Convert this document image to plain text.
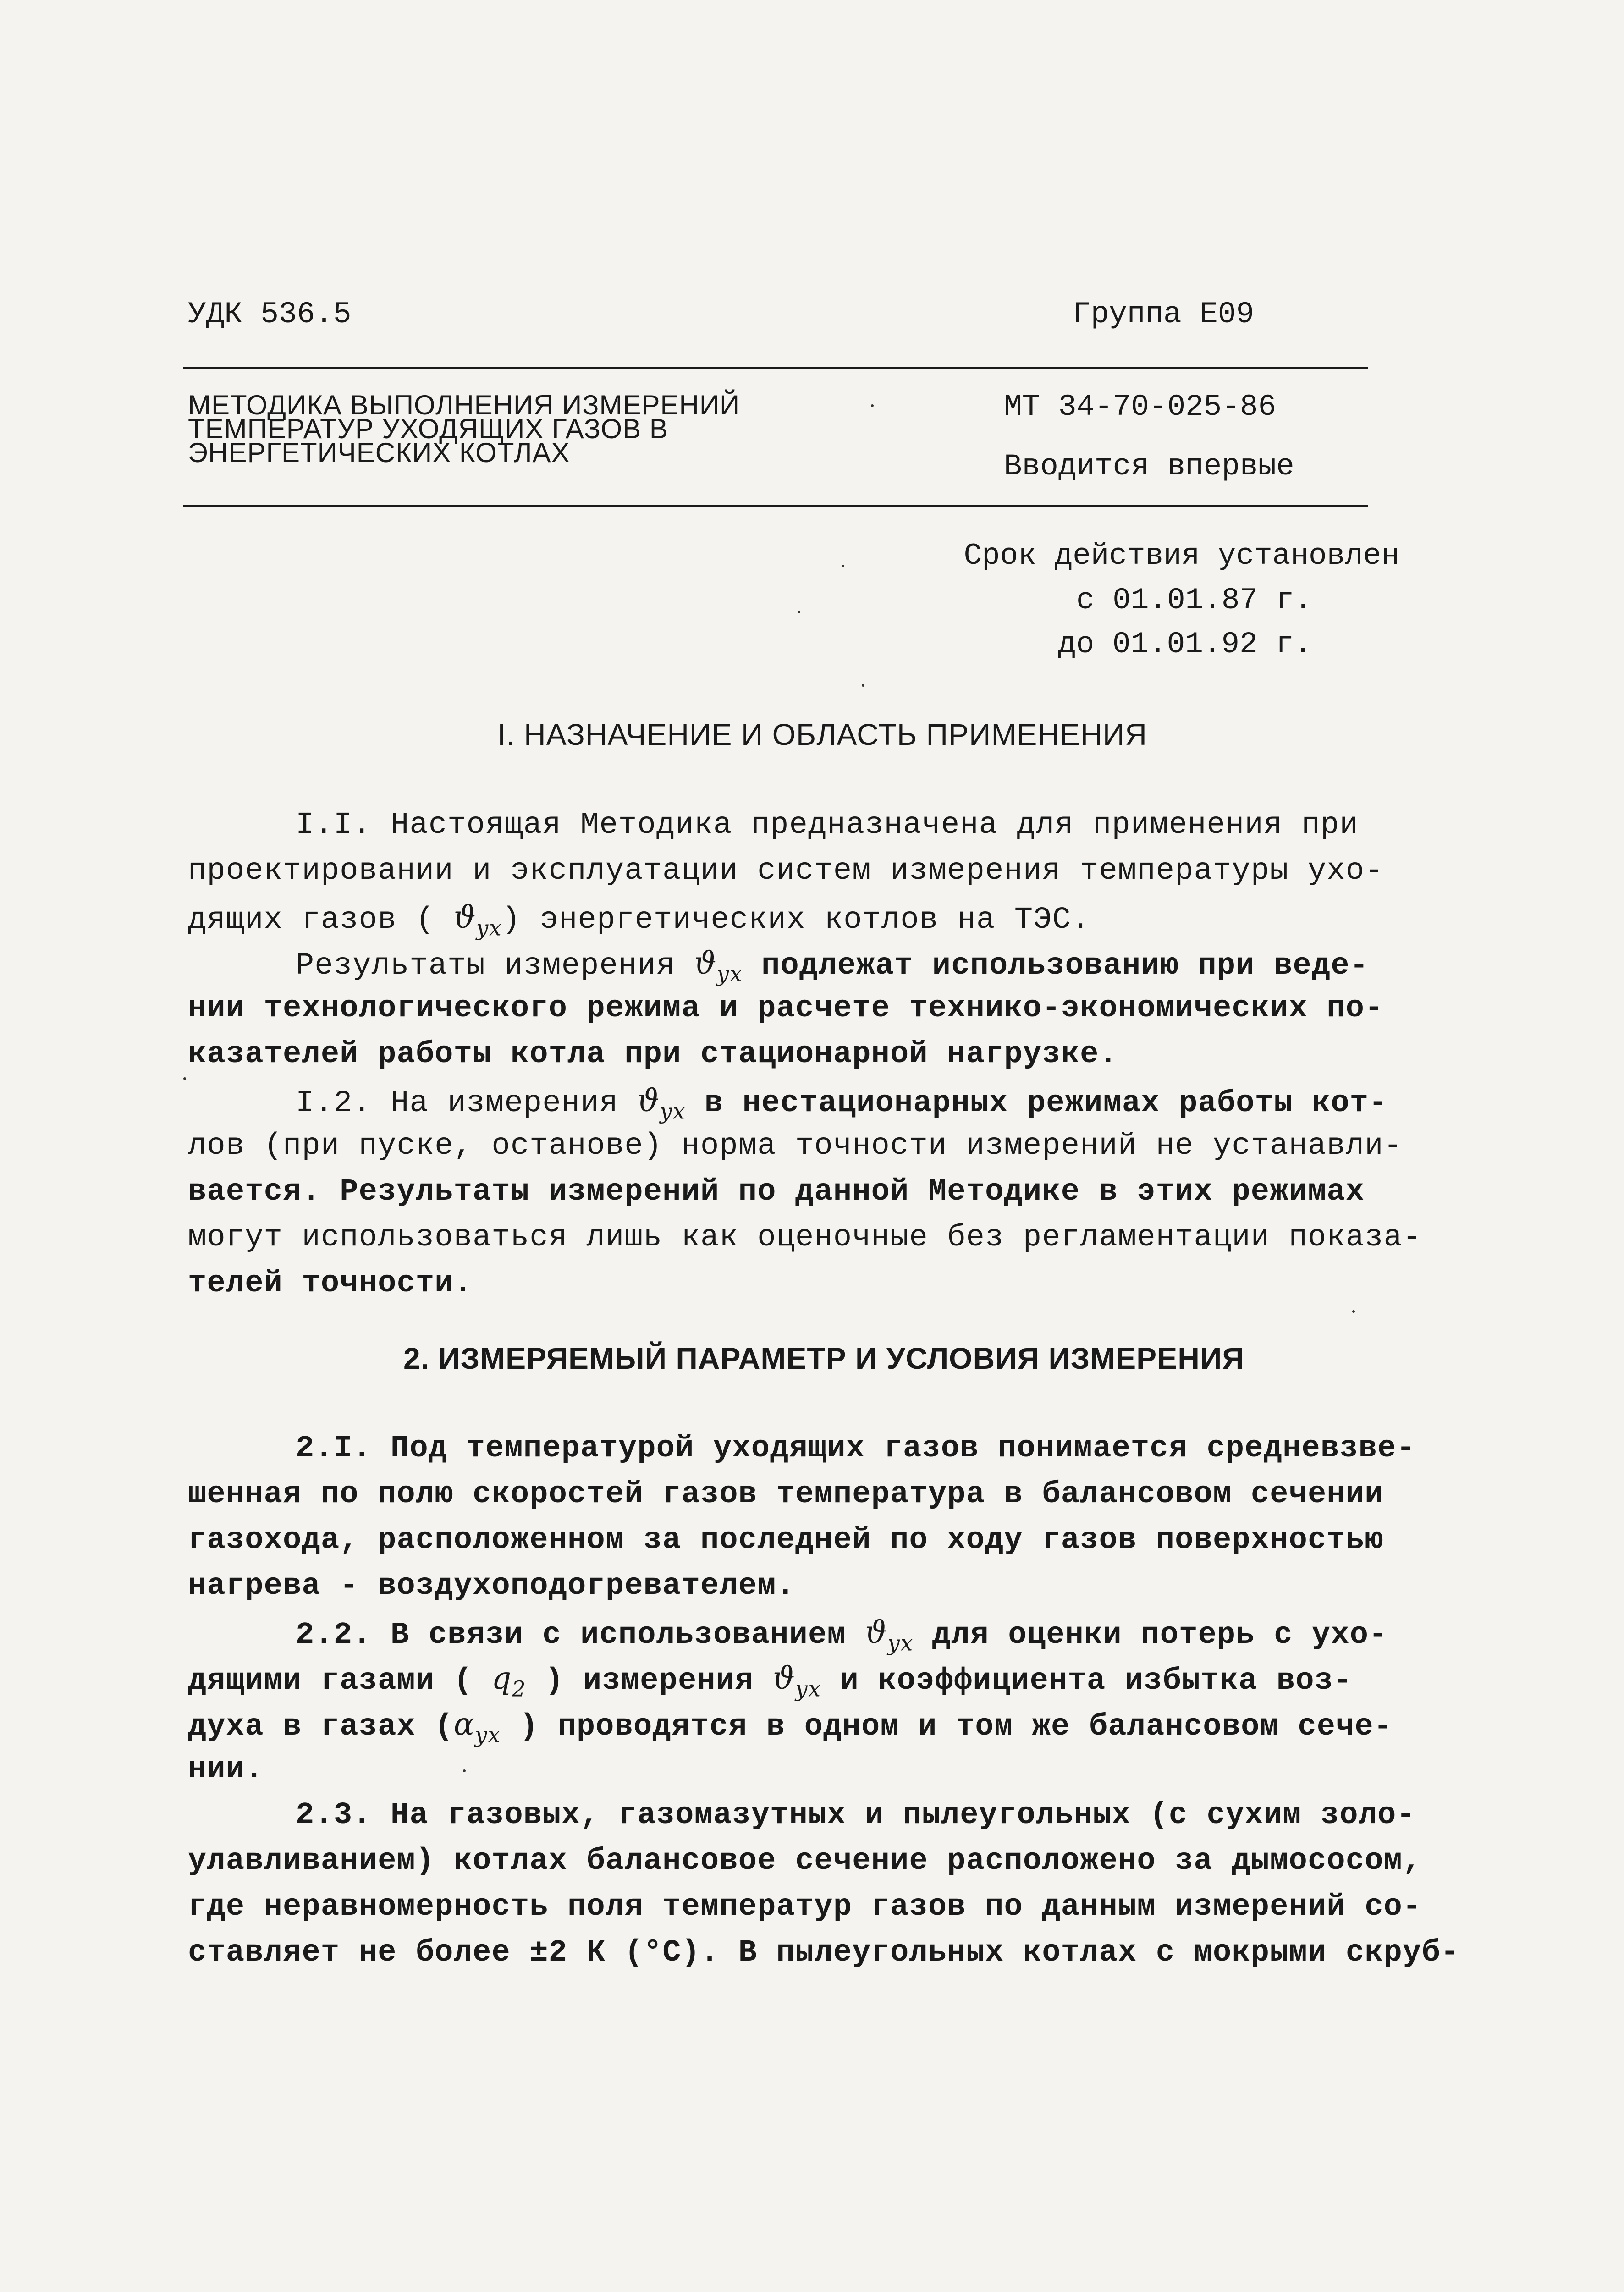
УДК 536.5	Группа Е09
МЕТОДИКА ВЫПОЛНЕНИЯ ИЗМЕРЕНИЙ
ТЕМПЕРАТУР УХОДЯЩИХ ГАЗОВ В
ЭНЕРГЕТИЧЕСКИХ КОТЛАХ
МТ 34-70-025-86
Вводится впервые
Срок действия установлен
с 01.01.87 г.
до 01.01.92 г.
I. НАЗНАЧЕНИЕ И ОБЛАСТЬ ПРИМЕНЕНИЯ
I.I. Настоящая Методика предназначена для применения при
проектировании и эксплуатации систем измерения температуры ухо-
дящих газов ( $ϑ_{ух}$) энергетических котлов на ТЭС.
Результаты измерения $ϑ_{ух}$ подлежат использованию при веде-
нии технологического режима и расчете технико-экономических по-
казателей работы котла при стационарной нагрузке.
I.2. На измерения $ϑ_{ух}$ в нестационарных режимах работы кот-
лов (при пуске, останове) норма точности измерений не устанавли-
вается. Результаты измерений по данной Методике в этих режимах
могут использоваться лишь как оценочные без регламентации показа-
телей точности.
2. ИЗМЕРЯЕМЫЙ ПАРАМЕТР И УСЛОВИЯ ИЗМЕРЕНИЯ
2.I. Под температурой уходящих газов понимается средневзве-
шенная по полю скоростей газов температура в балансовом сечении
газохода, расположенном за последней по ходу газов поверхностью
нагрева - воздухоподогревателем.
2.2. В связи с использованием $ϑ_{ух}$ для оценки потерь с ухо-
дящими газами ( $q_2$ ) измерения $ϑ_{ух}$ и коэффициента избытка воз-
духа в газах ($\alpha_{ух}$ ) проводятся в одном и том же балансовом сече-
нии.
2.3. На газовых, газомазутных и пылеугольных (с сухим золо-
улавливанием) котлах балансовое сечение расположено за дымососом,
где неравномерность поля температур газов по данным измерений со-
ставляет не более ±2 К (°С). В пылеугольных котлах с мокрыми скруб-
